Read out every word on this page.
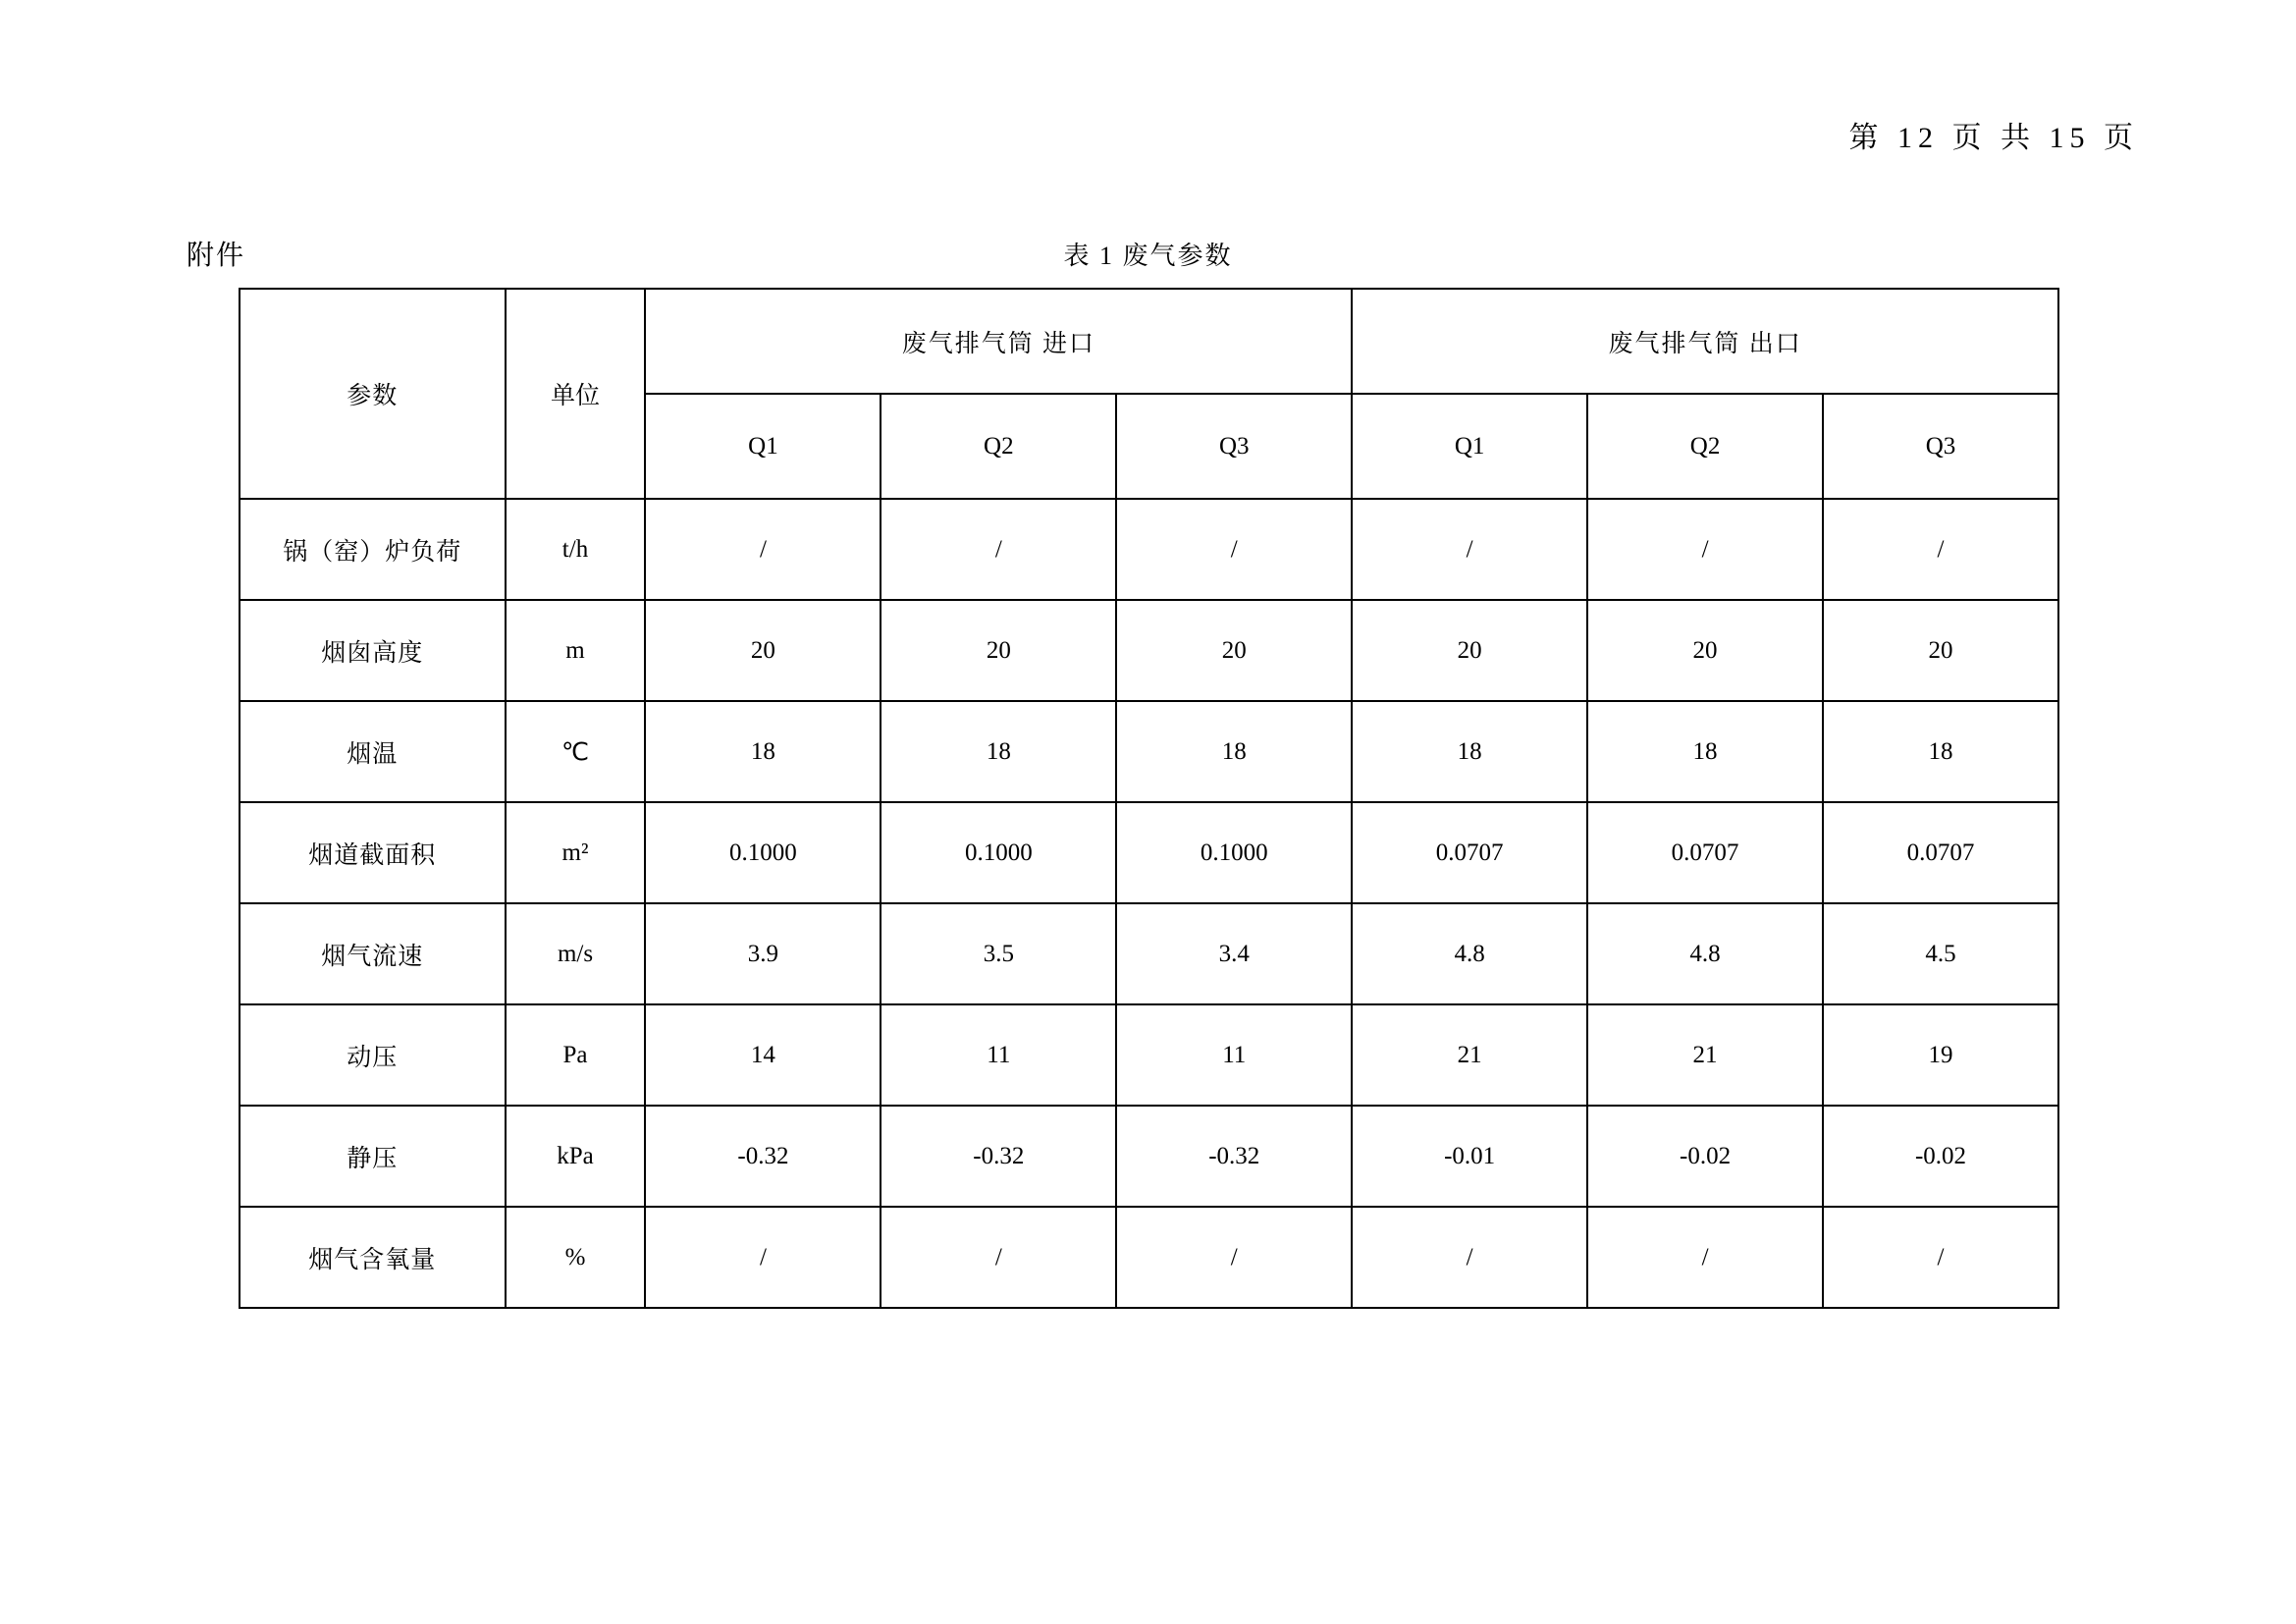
第 12 页 共 15 页
附件	表 1 废气参数
参数	单位	废气排气筒 进口			废气排气筒 出口		
		Q1	Q2	Q3	Q1	Q2	Q3
锅（窑）炉负荷	t/h	/	/	/	/	/	/
烟囱高度	m	20	20	20	20	20	20
烟温	℃	18	18	18	18	18	18
烟道截面积	m²	0.1000	0.1000	0.1000	0.0707	0.0707	0.0707
烟气流速	m/s	3.9	3.5	3.4	4.8	4.8	4.5
动压	Pa	14	11	11	21	21	19
静压	kPa	-0.32	-0.32	-0.32	-0.01	-0.02	-0.02
烟气含氧量	%	/	/	/	/	/	/
